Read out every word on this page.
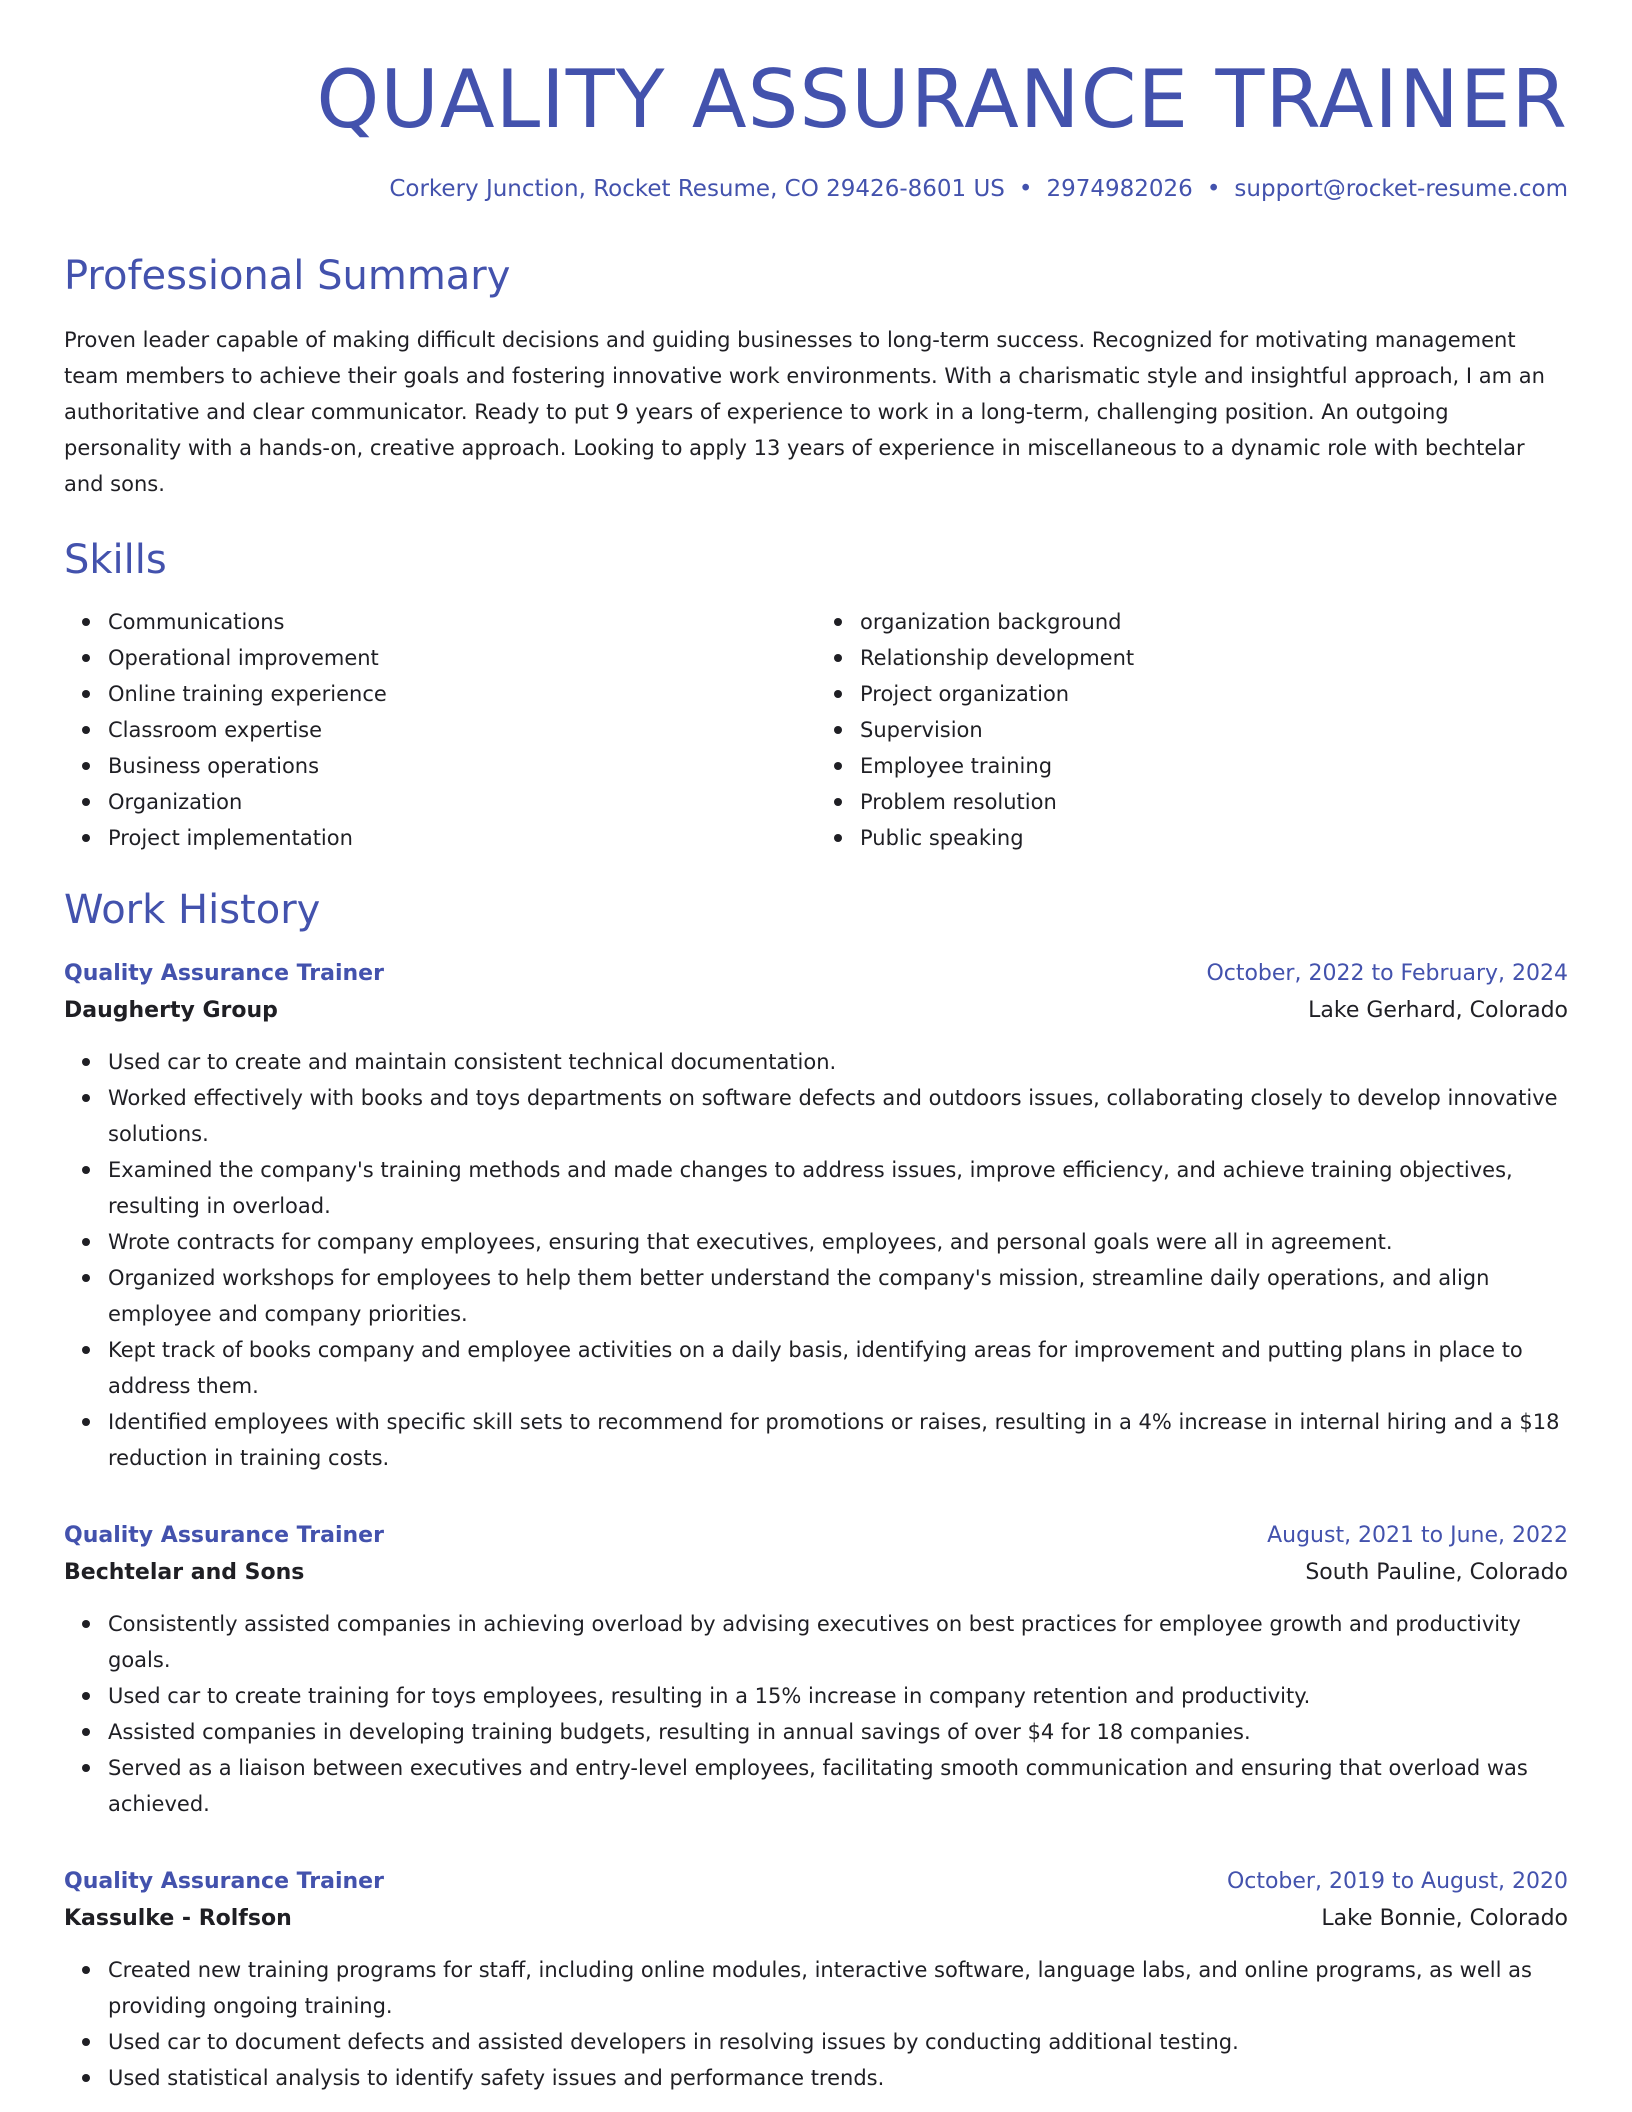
QUALITY ASSURANCE TRAINER
Corkery Junction, Rocket Resume, CO 29426-8601 US • 2974982026 • support@rocket-resume.com
Professional Summary

Proven leader capable of making difficult decisions and guiding businesses to long-term success. Recognized for motivating management team members to achieve their goals and fostering innovative work environments. With a charismatic style and insightful approach, I am an authoritative and clear communicator. Ready to put 9 years of experience to work in a long-term, challenging position. An outgoing personality with a hands-on, creative approach. Looking to apply 13 years of experience in miscellaneous to a dynamic role with bechtelar and sons.

Skills
Communications
Operational improvement
Online training experience
Classroom expertise
Business operations
Organization
Project implementation
organization background
Relationship development
Project organization
Supervision
Employee training
Problem resolution
Public speaking
Work History
Quality Assurance Trainer	October, 2022 to February, 2024
Daugherty Group	Lake Gerhard, Colorado
Used car to create and maintain consistent technical documentation.
Worked effectively with books and toys departments on software defects and outdoors issues, collaborating closely to develop innovative solutions.
Examined the company's training methods and made changes to address issues, improve efficiency, and achieve training objectives, resulting in overload.
Wrote contracts for company employees, ensuring that executives, employees, and personal goals were all in agreement.
Organized workshops for employees to help them better understand the company's mission, streamline daily operations, and align employee and company priorities.
Kept track of books company and employee activities on a daily basis, identifying areas for improvement and putting plans in place to address them.
Identified employees with specific skill sets to recommend for promotions or raises, resulting in a 4% increase in internal hiring and a $18 reduction in training costs.
Quality Assurance Trainer	August, 2021 to June, 2022
Bechtelar and Sons	South Pauline, Colorado
Consistently assisted companies in achieving overload by advising executives on best practices for employee growth and productivity goals.
Used car to create training for toys employees, resulting in a 15% increase in company retention and productivity.
Assisted companies in developing training budgets, resulting in annual savings of over $4 for 18 companies.
Served as a liaison between executives and entry-level employees, facilitating smooth communication and ensuring that overload was achieved.
Quality Assurance Trainer	October, 2019 to August, 2020
Kassulke - Rolfson	Lake Bonnie, Colorado
Created new training programs for staff, including online modules, interactive software, language labs, and online programs, as well as providing ongoing training.
Used car to document defects and assisted developers in resolving issues by conducting additional testing.
Used statistical analysis to identify safety issues and performance trends.
